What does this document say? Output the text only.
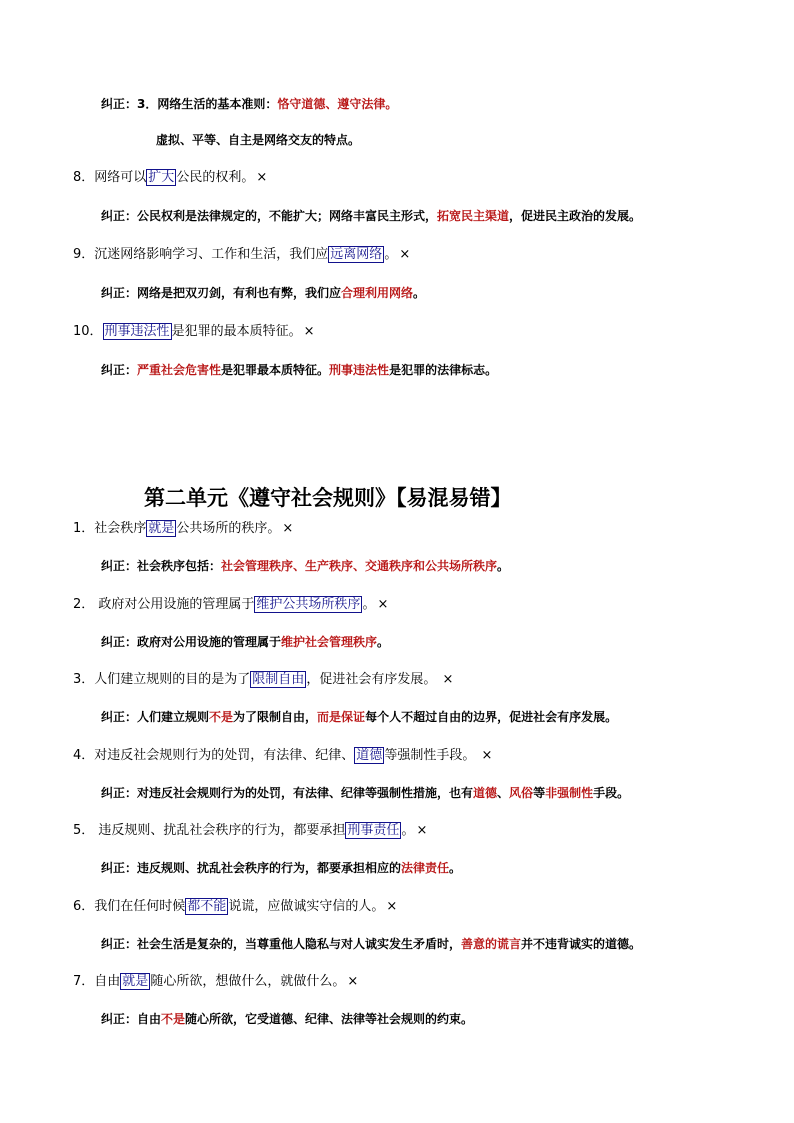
纠正：3．网络生活的基本准则：恪守道德、遵守法律。
虚拟、平等、自主是网络交友的特点。
8．网络可以 扩大 公民的权利。 ×
纠正：公民权利是法律规定的，不能扩大；网络丰富民主形式，拓宽民主渠道，促进民主政治的发展。
9．沉迷网络影响学习、工作和生活，我们应 远离网络 。 ×
纠正：网络是把双刃剑，有利也有弊，我们应合理利用网络。
10． 刑事违法性 是犯罪的最本质特征。 ×
纠正：严重社会危害性是犯罪最本质特征。刑事违法性是犯罪的法律标志。
第二单元《遵守社会规则》【易混易错】
1．社会秩序 就是 公共场所的秩序。 ×
纠正：社会秩序包括：社会管理秩序、生产秩序、交通秩序和公共场所秩序。
2． 政府对公用设施的管理属于 维护公共场所秩序 。 ×
纠正：政府对公用设施的管理属于维护社会管理秩序。
3．人们建立规则的目的是为了 限制自由 ，促进社会有序发展。 ×
纠正：人们建立规则不是为了限制自由，而是保证每个人不超过自由的边界，促进社会有序发展。
4．对违反社会规则行为的处罚，有法律、纪律、 道德 等强制性手段。 ×
纠正：对违反社会规则行为的处罚，有法律、纪律等强制性措施，也有道德、风俗等非强制性手段。
5． 违反规则、扰乱社会秩序的行为，都要承担 刑事责任 。 ×
纠正：违反规则、扰乱社会秩序的行为，都要承担相应的法律责任。
6．我们在任何时候 都不能 说谎，应做诚实守信的人。 ×
纠正：社会生活是复杂的，当尊重他人隐私与对人诚实发生矛盾时，善意的谎言并不违背诚实的道德。
7．自由 就是 随心所欲，想做什么，就做什么。 ×
纠正：自由不是随心所欲，它受道德、纪律、法律等社会规则的约束。
